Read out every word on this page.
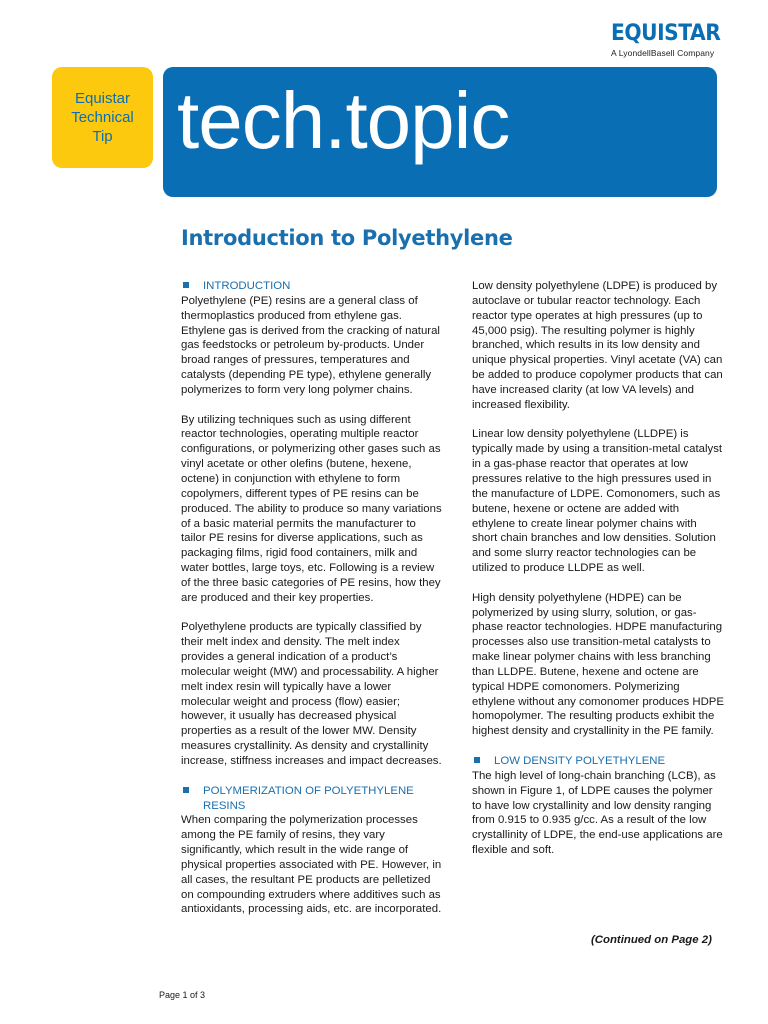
EQUISTAR
A LyondellBasell Company
Equistar
Technical
Tip tech.topic
Introduction to Polyethylene
INTRODUCTION

Polyethylene (PE) resins are a general class of thermoplastics produced from ethylene gas. Ethylene gas is derived from the cracking of natural gas feedstocks or petroleum by-products. Under broad ranges of pressures, temperatures and catalysts (depending PE type), ethylene generally polymerizes to form very long polymer chains.

By utilizing techniques such as using different reactor technologies, operating multiple reactor configurations, or polymerizing other gases such as vinyl acetate or other olefins (butene, hexene, octene) in conjunction with ethylene to form copolymers, different types of PE resins can be produced. The ability to produce so many variations of a basic material permits the manufacturer to tailor PE resins for diverse applications, such as packaging films, rigid food containers, milk and water bottles, large toys, etc. Following is a review of the three basic categories of PE resins, how they are produced and their key properties.

Polyethylene products are typically classified by their melt index and density. The melt index provides a general indication of a product’s molecular weight (MW) and processability. A higher melt index resin will typically have a lower molecular weight and process (flow) easier; however, it usually has decreased physical properties as a result of the lower MW. Density measures crystallinity. As density and crystallinity increase, stiffness increases and impact decreases.

POLYMERIZATION OF POLYETHYLENE RESINS

When comparing the polymerization processes among the PE family of resins, they vary significantly, which result in the wide range of physical properties associated with PE. However, in all cases, the resultant PE products are pelletized on compounding extruders where additives such as antioxidants, processing aids, etc. are incorporated.

Low density polyethylene (LDPE) is produced by autoclave or tubular reactor technology. Each reactor type operates at high pressures (up to 45,000 psig). The resulting polymer is highly branched, which results in its low density and unique physical properties. Vinyl acetate (VA) can be added to produce copolymer products that can have increased clarity (at low VA levels) and increased flexibility.

Linear low density polyethylene (LLDPE) is typically made by using a transition-metal catalyst in a gas-phase reactor that operates at low pressures relative to the high pressures used in the manufacture of LDPE. Comonomers, such as butene, hexene or octene are added with ethylene to create linear polymer chains with short chain branches and low densities. Solution and some slurry reactor technologies can be utilized to produce LLDPE as well.

High density polyethylene (HDPE) can be polymerized by using slurry, solution, or gas-phase reactor technologies. HDPE manufacturing processes also use transition-metal catalysts to make linear polymer chains with less branching than LLDPE. Butene, hexene and octene are typical HDPE comonomers. Polymerizing ethylene without any comonomer produces HDPE homopolymer. The resulting products exhibit the highest density and crystallinity in the PE family.

LOW DENSITY POLYETHYLENE

The high level of long-chain branching (LCB), as shown in Figure 1, of LDPE causes the polymer to have low crystallinity and low density ranging from 0.915 to 0.935 g/cc. As a result of the low crystallinity of LDPE, the end-use applications are flexible and soft.

(Continued on Page 2)
Page 1 of 3
